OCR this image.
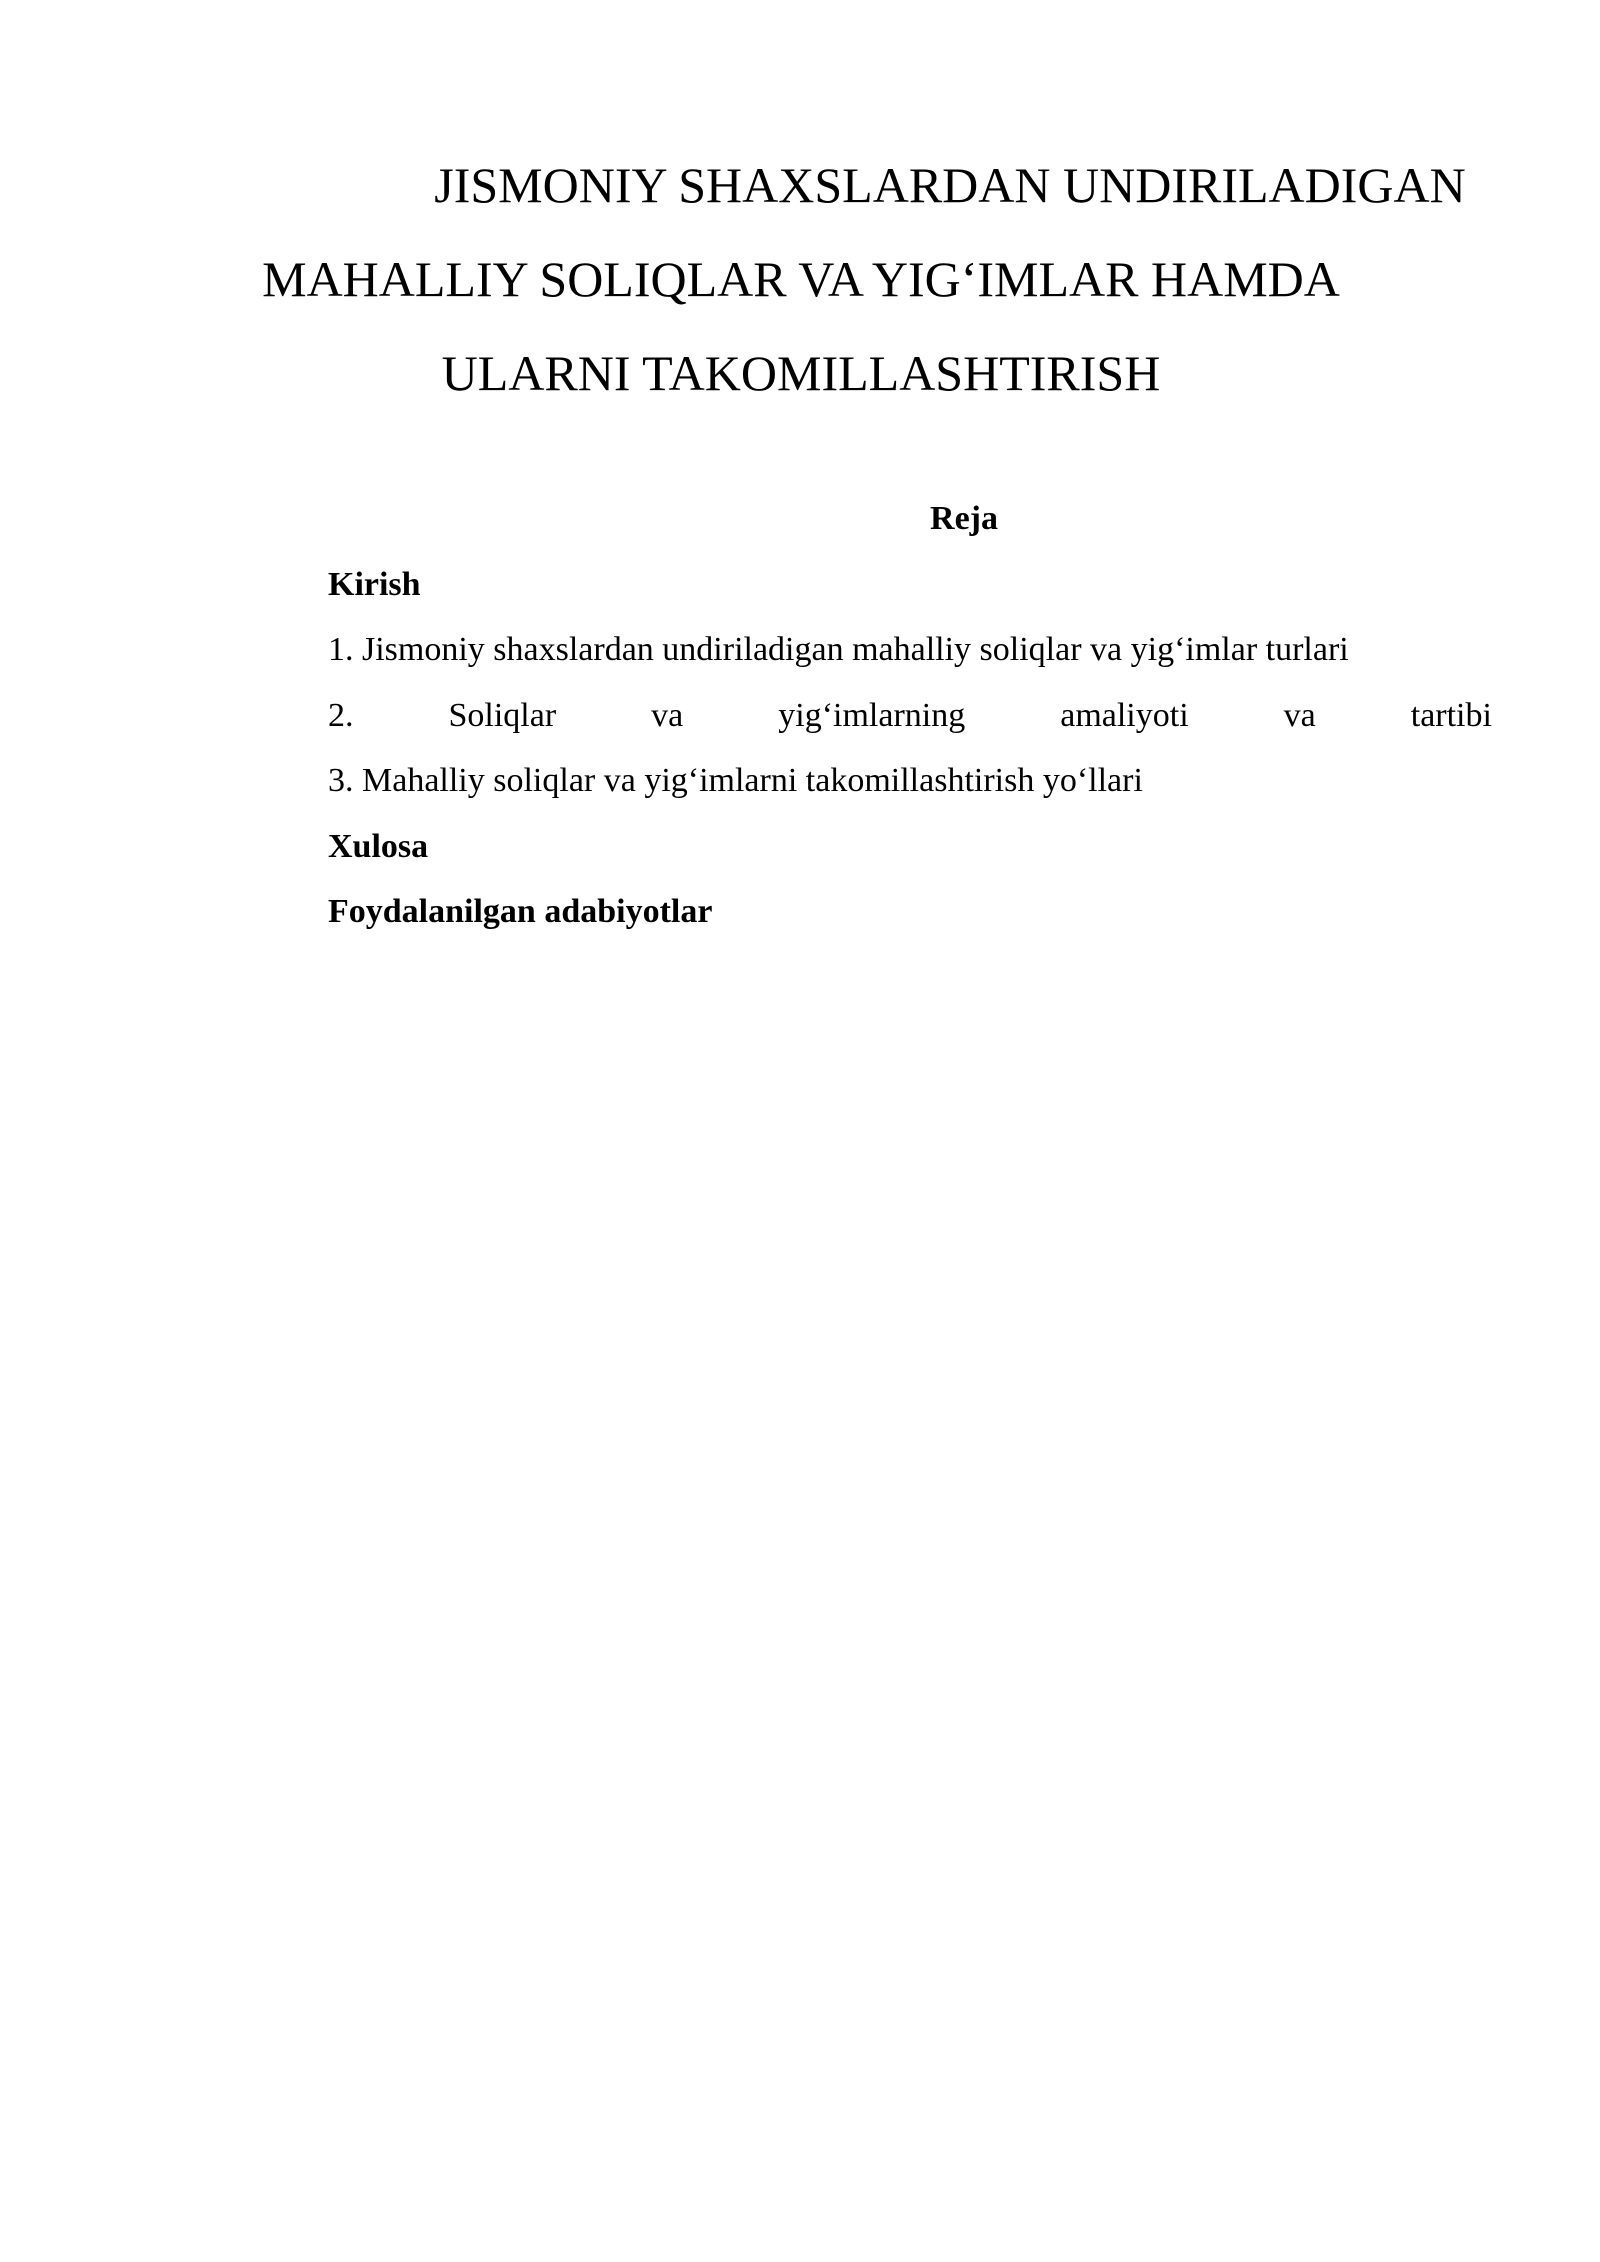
JISMONIY SHAXSLARDAN UNDIRILADIGAN
MAHALLIY SOLIQLAR VA YIG‘IMLAR HAMDA
ULARNI TAKOMILLASHTIRISH
Reja
Kirish
1. Jismoniy shaxslardan undiriladigan mahalliy soliqlar va yig‘imlar turlari
2.	Soliqlar	va	yig‘imlarning	amaliyoti	va	tartibi
3. Mahalliy soliqlar va yig‘imlarni takomillashtirish yo‘llari
Xulosa
Foydalanilgan adabiyotlar
